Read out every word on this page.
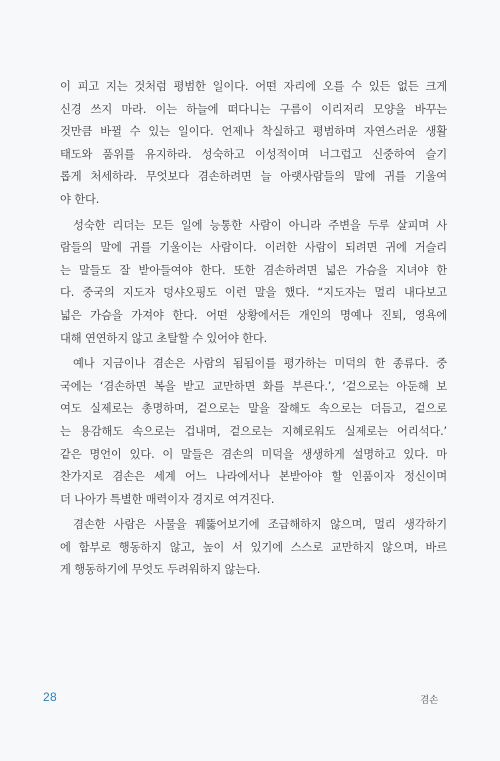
이 피고 지는 것처럼 평범한 일이다. 어떤 자리에 오를 수 있든 없든 크게
신경 쓰지 마라. 이는 하늘에 떠다니는 구름이 이리저리 모양을 바꾸는
것만큼 바뀔 수 있는 일이다. 언제나 착실하고 평범하며 자연스러운 생활
태도와 품위를 유지하라. 성숙하고 이성적이며 너그럽고 신중하여 슬기
롭게 처세하라. 무엇보다 겸손하려면 늘 아랫사람들의 말에 귀를 기울여
야 한다.
성숙한 리더는 모든 일에 능통한 사람이 아니라 주변을 두루 살피며 사
람들의 말에 귀를 기울이는 사람이다. 이러한 사람이 되려면 귀에 거슬리
는 말들도 잘 받아들여야 한다. 또한 겸손하려면 넓은 가슴을 지녀야 한
다. 중국의 지도자 덩샤오핑도 이런 말을 했다. “지도자는 멀리 내다보고
넓은 가슴을 가져야 한다. 어떤 상황에서든 개인의 명예나 진퇴, 영욕에
대해 연연하지 않고 초탈할 수 있어야 한다.
예나 지금이나 겸손은 사람의 됨됨이를 평가하는 미덕의 한 종류다. 중
국에는 ‘겸손하면 복을 받고 교만하면 화를 부른다.’, ‘겉으로는 아둔해 보
여도 실제로는 총명하며, 겉으로는 말을 잘해도 속으로는 더듬고, 겉으로
는 용감해도 속으로는 겁내며, 겉으로는 지혜로워도 실제로는 어리석다.’
같은 명언이 있다. 이 말들은 겸손의 미덕을 생생하게 설명하고 있다. 마
찬가지로 겸손은 세계 어느 나라에서나 본받아야 할 인품이자 정신이며
더 나아가 특별한 매력이자 경지로 여겨진다.
겸손한 사람은 사물을 꿰뚫어보기에 조급해하지 않으며, 멀리 생각하기
에 함부로 행동하지 않고, 높이 서 있기에 스스로 교만하지 않으며, 바르
게 행동하기에 무엇도 두려워하지 않는다.
28	겸손
